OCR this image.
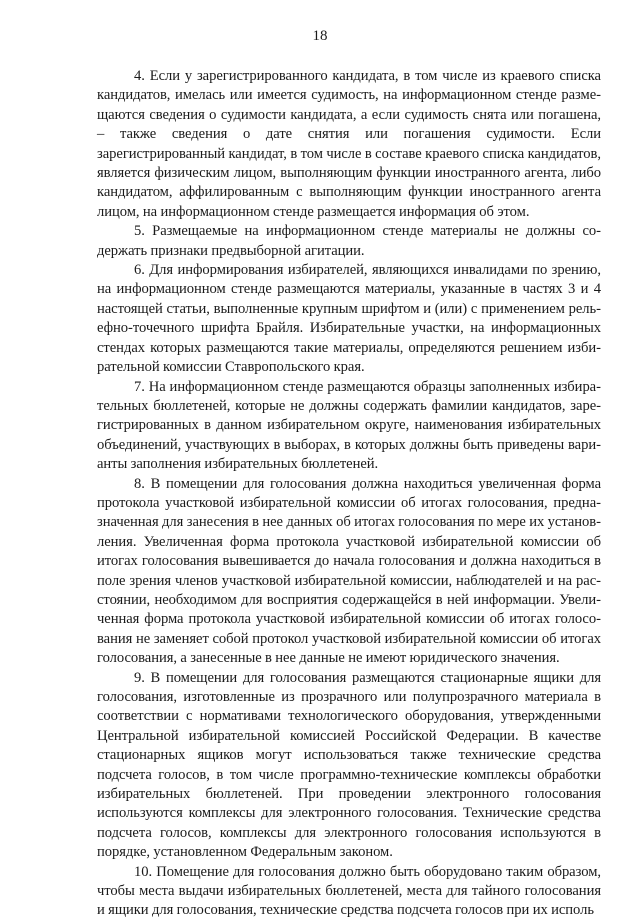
18

4. Если у зарегистрированного кандидата, в том числе из краевого списка кандидатов, имелась или имеется судимость, на информационном стенде размещаются сведения о судимости кандидата, а если судимость снята или погашена, – также сведения о дате снятия или погашения судимости. Если зарегистрированный кандидат, в том числе в составе краевого списка кандидатов, является физическим лицом, выполняющим функции иностранного агента, либо кандидатом, аффилированным с выполняющим функции иностранного агента лицом, на информационном стенде размещается информация об этом.

5. Размещаемые на информационном стенде материалы не должны содержать признаки предвыборной агитации.

6. Для информирования избирателей, являющихся инвалидами по зрению, на информационном стенде размещаются материалы, указанные в частях 3 и 4 настоящей статьи, выполненные крупным шрифтом и (или) с применением рельефно-точечного шрифта Брайля. Избирательные участки, на информационных стендах которых размещаются такие материалы, определяются решением избирательной комиссии Ставропольского края.

7. На информационном стенде размещаются образцы заполненных избирательных бюллетеней, которые не должны содержать фамилии кандидатов, зарегистрированных в данном избирательном округе, наименования избирательных объединений, участвующих в выборах, в которых должны быть приведены варианты заполнения избирательных бюллетеней.

8. В помещении для голосования должна находиться увеличенная форма протокола участковой избирательной комиссии об итогах голосования, предназначенная для занесения в нее данных об итогах голосования по мере их установления. Увеличенная форма протокола участковой избирательной комиссии об итогах голосования вывешивается до начала голосования и должна находиться в поле зрения членов участковой избирательной комиссии, наблюдателей и на расстоянии, необходимом для восприятия содержащейся в ней информации. Увеличенная форма протокола участковой избирательной комиссии об итогах голосования не заменяет собой протокол участковой избирательной комиссии об итогах голосования, а занесенные в нее данные не имеют юридического значения.

9. В помещении для голосования размещаются стационарные ящики для голосования, изготовленные из прозрачного или полупрозрачного материала в соответствии с нормативами технологического оборудования, утвержденными Центральной избирательной комиссией Российской Федерации. В качестве стационарных ящиков могут использоваться также технические средства подсчета голосов, в том числе программно-технические комплексы обработки избирательных бюллетеней. При проведении электронного голосования используются комплексы для электронного голосования. Технические средства подсчета голосов, комплексы для электронного голосования используются в порядке, установленном Федеральным законом.

10. Помещение для голосования должно быть оборудовано таким образом, чтобы места выдачи избирательных бюллетеней, места для тайного голосования и ящики для голосования, технические средства подсчета голосов при их исполь
